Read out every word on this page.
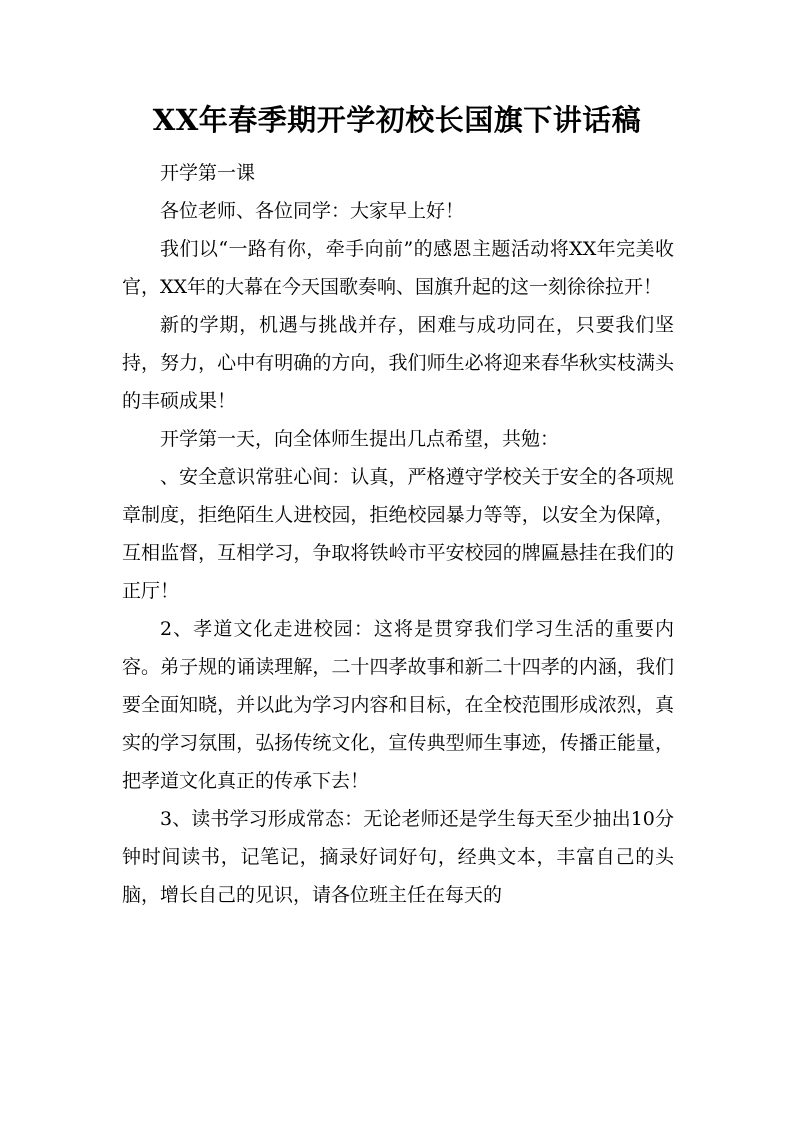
XX年春季期开学初校长国旗下讲话稿

开学第一课

各位老师、各位同学：大家早上好！

我们以“一路有你，牵手向前”的感恩主题活动将XX年完美收官，XX年的大幕在今天国歌奏响、国旗升起的这一刻徐徐拉开！

新的学期，机遇与挑战并存，困难与成功同在，只要我们坚持，努力，心中有明确的方向，我们师生必将迎来春华秋实枝满头的丰硕成果！

开学第一天，向全体师生提出几点希望，共勉：

、安全意识常驻心间：认真，严格遵守学校关于安全的各项规章制度，拒绝陌生人进校园，拒绝校园暴力等等，以安全为保障，互相监督，互相学习，争取将铁岭市平安校园的牌匾悬挂在我们的正厅！

2、孝道文化走进校园：这将是贯穿我们学习生活的重要内容。弟子规的诵读理解，二十四孝故事和新二十四孝的内涵，我们要全面知晓，并以此为学习内容和目标，在全校范围形成浓烈，真实的学习氛围，弘扬传统文化，宣传典型师生事迹，传播正能量，把孝道文化真正的传承下去！

3、读书学习形成常态：无论老师还是学生每天至少抽出10分钟时间读书，记笔记，摘录好词好句，经典文本，丰富自己的头脑，增长自己的见识，请各位班主任在每天的
